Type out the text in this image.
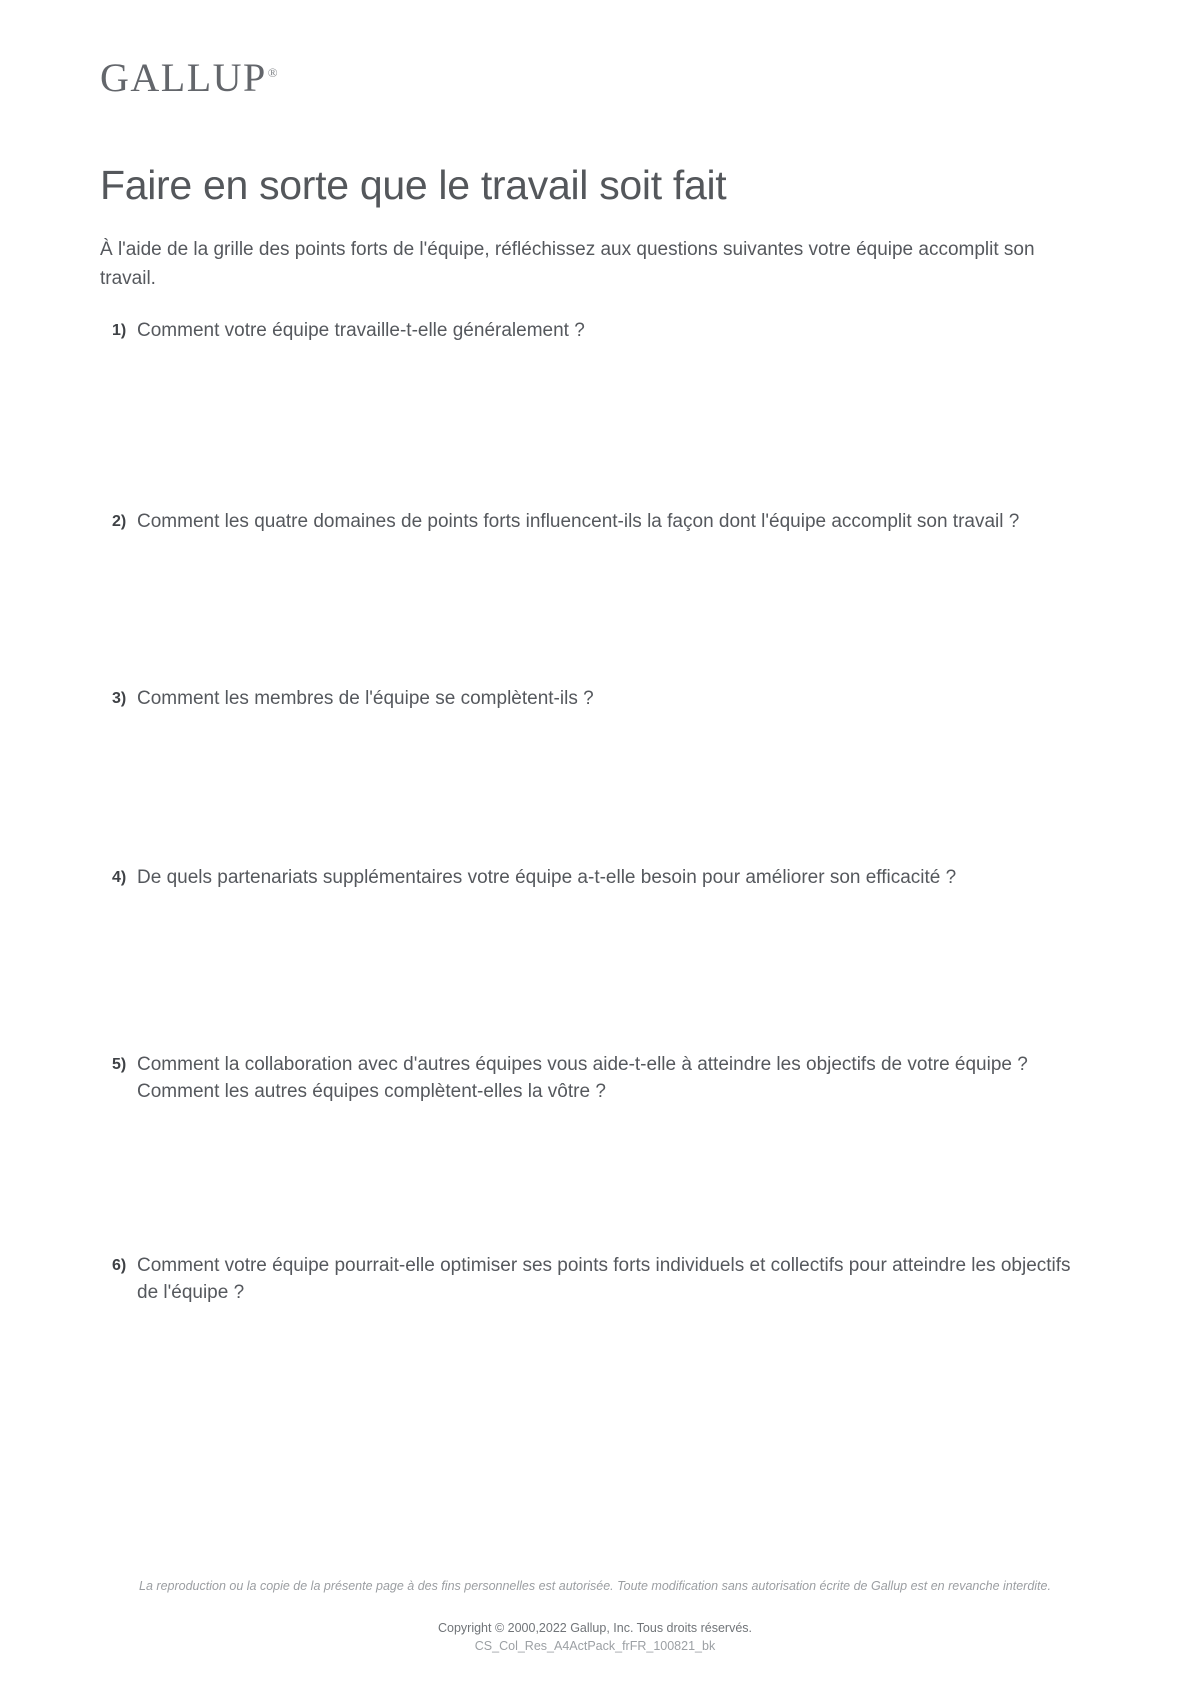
GALLUP®
Faire en sorte que le travail soit fait

À l'aide de la grille des points forts de l'équipe, réfléchissez aux questions suivantes votre équipe accomplit son travail.

1) Comment votre équipe travaille-t-elle généralement ?
2) Comment les quatre domaines de points forts influencent-ils la façon dont l'équipe accomplit son travail ?
3) Comment les membres de l'équipe se complètent-ils ?
4) De quels partenariats supplémentaires votre équipe a-t-elle besoin pour améliorer son efficacité ?
5) Comment la collaboration avec d'autres équipes vous aide-t-elle à atteindre les objectifs de votre équipe ? Comment les autres équipes complètent-elles la vôtre ?
6) Comment votre équipe pourrait-elle optimiser ses points forts individuels et collectifs pour atteindre les objectifs de l'équipe ?
La reproduction ou la copie de la présente page à des fins personnelles est autorisée. Toute modification sans autorisation écrite de Gallup est en revanche interdite.
Copyright © 2000,2022 Gallup, Inc. Tous droits réservés.
CS_Col_Res_A4ActPack_frFR_100821_bk
